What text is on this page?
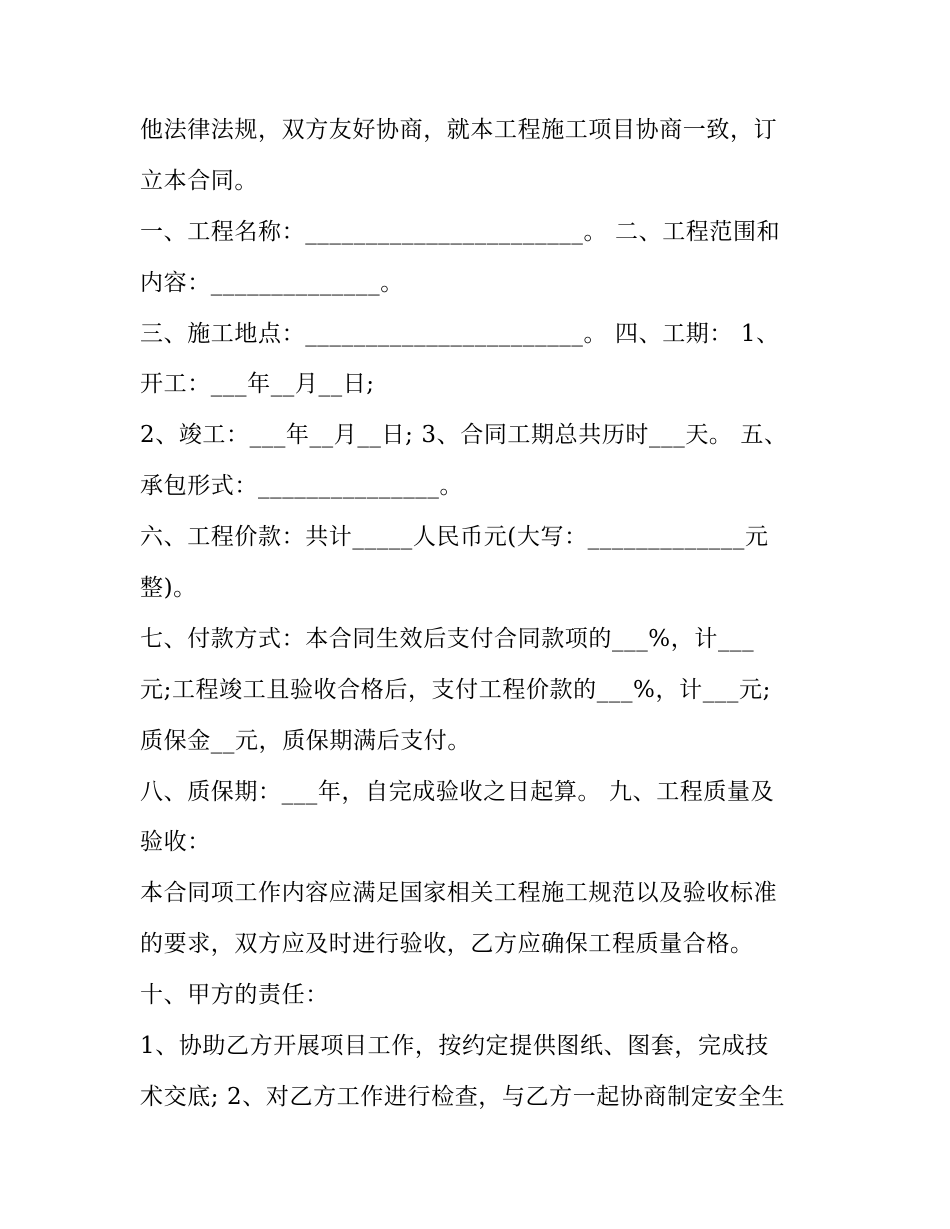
他法律法规，双方友好协商，就本工程施工项目协商一致，订
立本合同。
一、工程名称：_______________________。 二、工程范围和
内容：______________。
三、施工地点：_______________________。 四、工期： 1、
开工：___年__月__日;
2、竣工：___年__月__日; 3、合同工期总共历时___天。 五、
承包形式：_______________。
六、工程价款：共计_____人民币元(大写：_____________元
整)。
七、付款方式：本合同生效后支付合同款项的___%，计___
元;工程竣工且验收合格后，支付工程价款的___%，计___元;
质保金__元，质保期满后支付。
八、质保期：___年，自完成验收之日起算。 九、工程质量及
验收：
本合同项工作内容应满足国家相关工程施工规范以及验收标准
的要求，双方应及时进行验收，乙方应确保工程质量合格。
十、甲方的责任：
1、协助乙方开展项目工作，按约定提供图纸、图套，完成技
术交底; 2、对乙方工作进行检查，与乙方一起协商制定安全生
